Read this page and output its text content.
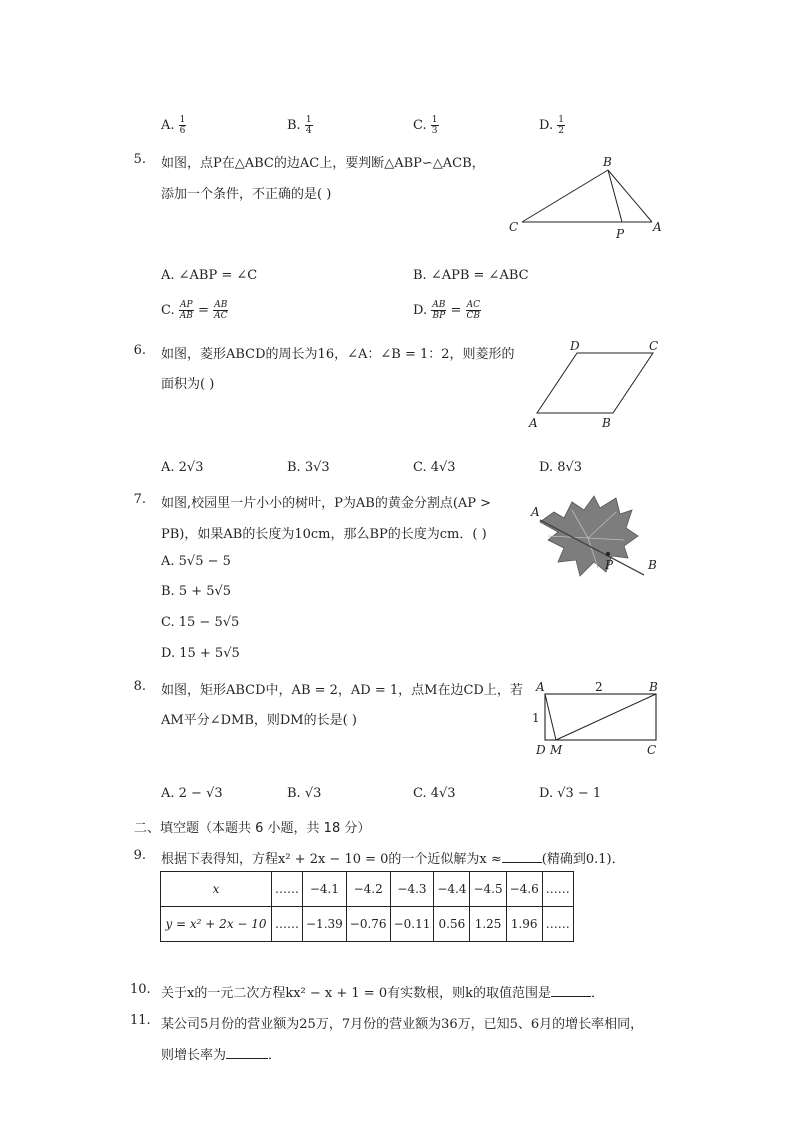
A. $\frac{1}{6}$	B. $\frac{1}{4}$	C. $\frac{1}{3}$	D. $\frac{1}{2}$
5. 如图，点P在△ABC的边AC上，要判断△ABP∽△ACB，
添加一个条件，不正确的是( )
B
C	P A
A. ∠ABP = ∠C	B. ∠APB = ∠ABC
C. $\frac{AP}{AB} = \frac{AB}{AC}$	D. $\frac{AB}{BP} = \frac{AC}{CB}$
6. 如图，菱形ABCD的周长为16，∠A：∠B = 1：2，则菱形的
面积为( )
D	C
A	B
A. 2√3	B. 3√3	C. 4√3	D. 8√3
7. 如图,校园里一片小小的树叶，P为AB的黄金分割点(AP >
PB)，如果AB的长度为10cm，那么BP的长度为cm．( )
A
P	B
A. 5√5 − 5
B. 5 + 5√5
C. 15 − 5√5
D. 15 + 5√5
8. 如图，矩形ABCD中，AB = 2，AD = 1，点M在边CD上，若
AM平分∠DMB，则DM的长是( )
A	B
2
1
D M	C
A. 2 − √3	B. √3	C. 4√3	D. √3 − 1
二、填空题（本题共 6 小题，共 18 分）
9. 根据下表得知，方程x² + 2x − 10 = 0的一个近似解为x ≈	(精确到0.1)．
x	……	−4.1	−4.2	−4.3	−4.4	−4.5	−4.6	……
y = x² + 2x − 10	……	−1.39	−0.76	−0.11	0.56	1.25	1.96	……
10. 关于x的一元二次方程kx² − x + 1 = 0有实数根，则k的取值范围是	．
11. 某公司5月份的营业额为25万，7月份的营业额为36万，已知5、6月的增长率相同，
则增长率为	．
